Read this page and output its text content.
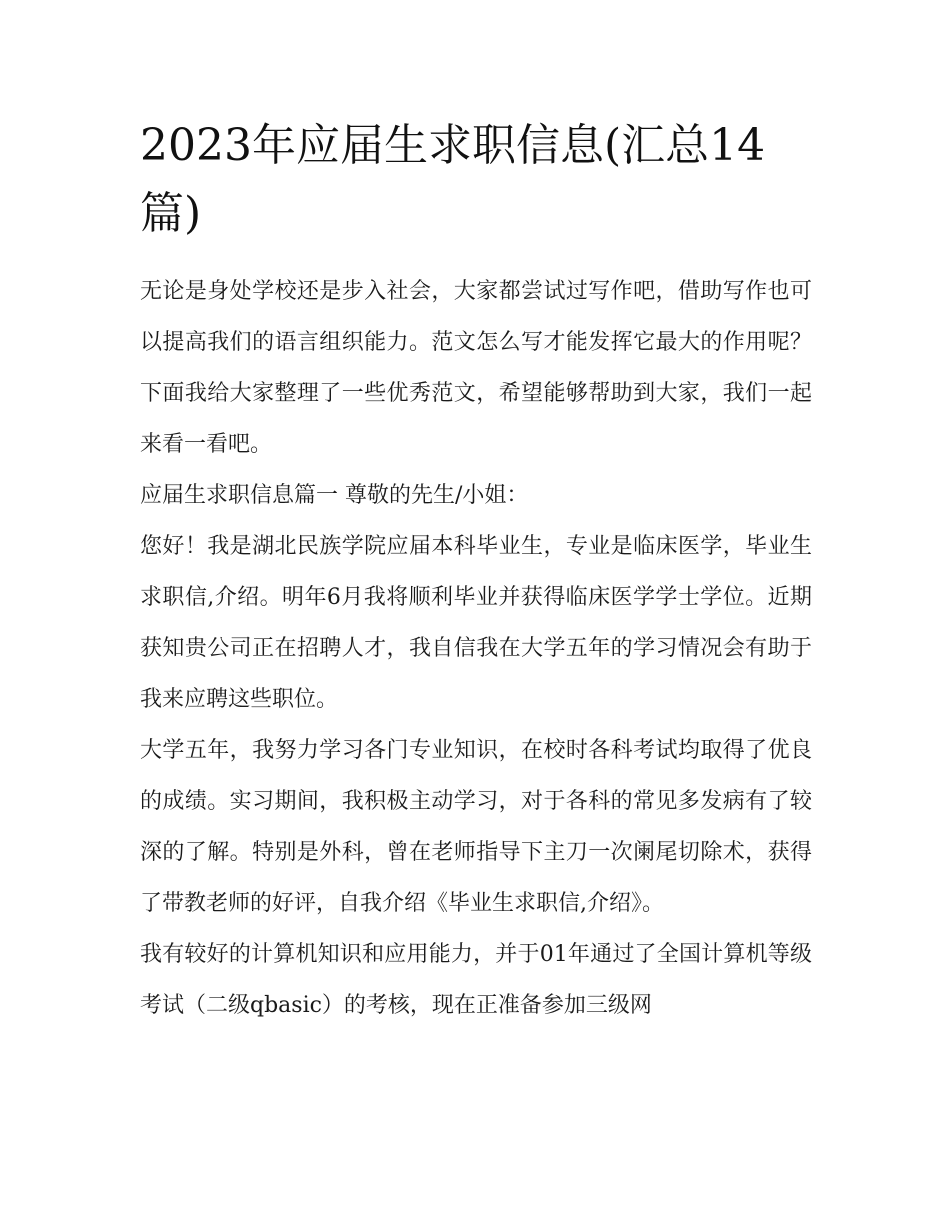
2023年应届生求职信息(汇总14篇)

无论是身处学校还是步入社会，大家都尝试过写作吧，借助写作也可以提高我们的语言组织能力。范文怎么写才能发挥它最大的作用呢？下面我给大家整理了一些优秀范文，希望能够帮助到大家，我们一起来看一看吧。

应届生求职信息篇一 尊敬的先生/小姐：

您好！我是湖北民族学院应届本科毕业生，专业是临床医学，毕业生求职信,介绍。明年6月我将顺利毕业并获得临床医学学士学位。近期获知贵公司正在招聘人才，我自信我在大学五年的学习情况会有助于我来应聘这些职位。

大学五年，我努力学习各门专业知识，在校时各科考试均取得了优良的成绩。实习期间，我积极主动学习，对于各科的常见多发病有了较深的了解。特别是外科，曾在老师指导下主刀一次阑尾切除术，获得了带教老师的好评，自我介绍《毕业生求职信,介绍》。

我有较好的计算机知识和应用能力，并于01年通过了全国计算机等级考试（二级qbasic）的考核，现在正准备参加三级网
